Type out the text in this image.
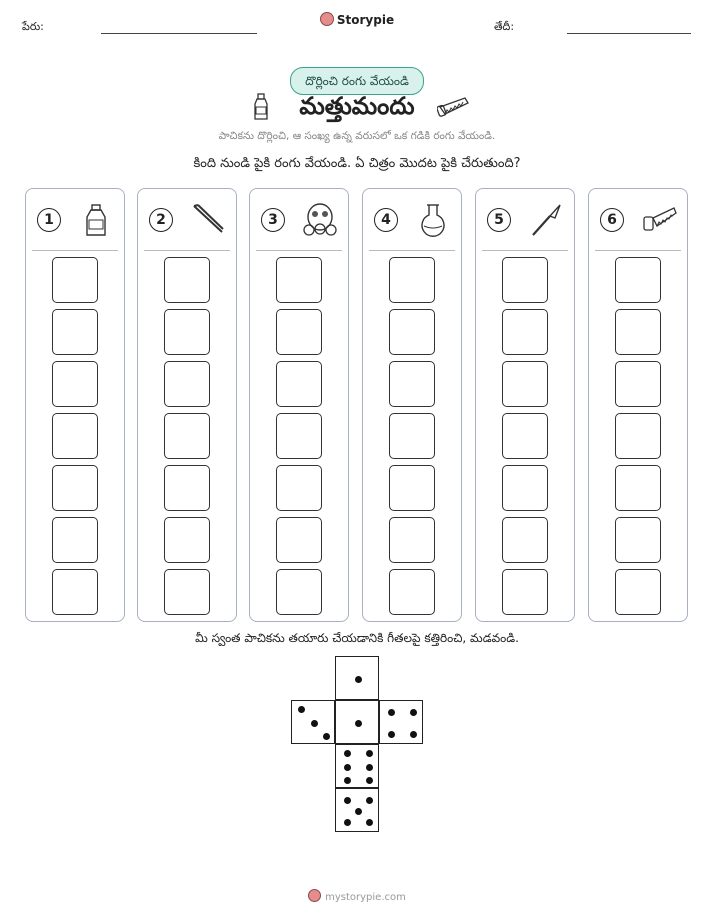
పేరు:	Storypie	తేదీ:
దొర్లించి రంగు వేయండి
మత్తుమందు
పాచికను దొర్లించి, ఆ సంఖ్య ఉన్న వరుసలో ఒక గడికి రంగు వేయండి.
కింది నుండి పైకి రంగు వేయండి. ఏ చిత్రం మొదట పైకి చేరుతుంది?
1	2	3	4	5	6
మీ స్వంత పాచికను తయారు చేయడానికి గీతలపై కత్తిరించి, మడవండి.
mystorypie.com
